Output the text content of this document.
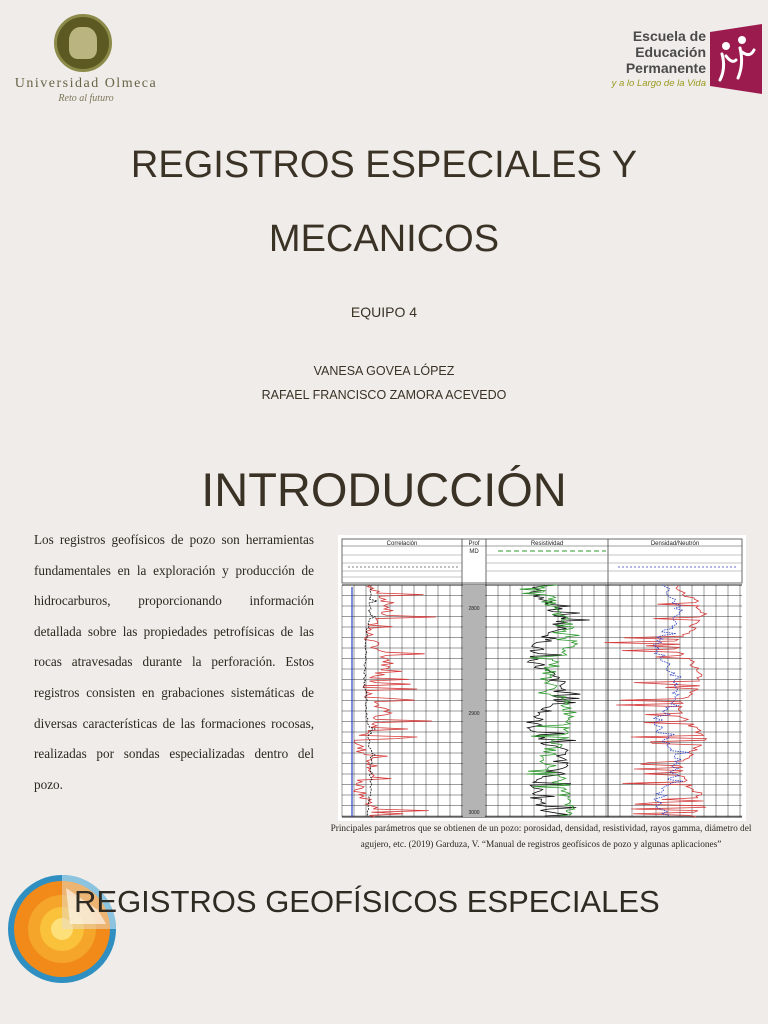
Universidad Olmeca
Reto al futuro
Escuela de
Educación
Permanente
y a lo Largo de la Vida
REGISTROS ESPECIALES Y
MECANICOS
EQUIPO 4
VANESA GOVEA LÓPEZ
RAFAEL FRANCISCO ZAMORA ACEVEDO
INTRODUCCIÓN

Los registros geofísicos de pozo son herramientas fundamentales en la exploración y producción de hidrocarburos, proporcionando información detallada sobre las propiedades petrofísicas de las rocas atravesadas durante la perforación. Estos registros consisten en grabaciones sistemáticas de diversas características de las formaciones rocosas, realizadas por sondas especializadas dentro del pozo.

Correlación	Prof	Resistividad	Densidad/Neutrón
MD
2800
2900
3000
Principales parámetros que se obtienen de un pozo: porosidad, densidad, resistividad, rayos gamma, diámetro del agujero, etc. (2019) Garduza, V. “Manual de registros geofísicos de pozo y algunas aplicaciones”
REGISTROS GEOFÍSICOS ESPECIALES
